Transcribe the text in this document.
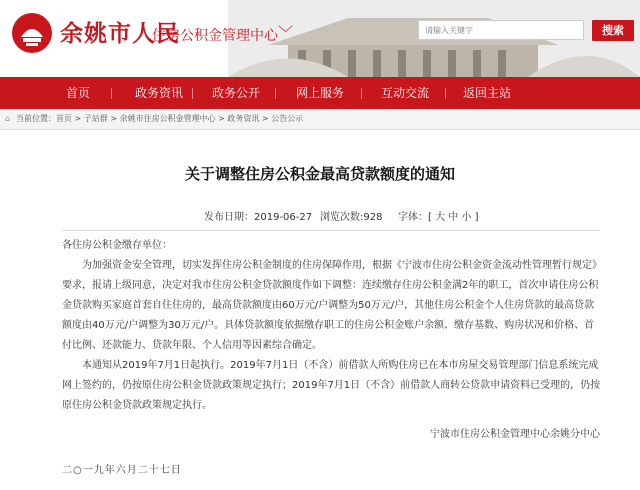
余姚市人民
住房公积金管理中心 ﹀	请输入关键字	搜索
首页	政务资讯 政务公开	网上服务	互动交流	返回主站
⌂ 当前位置：首页 > 子站群 > 余姚市住房公积金管理中心 > 政务资讯 > 公告公示
关于调整住房公积金最高贷款额度的通知
发布日期：2019-06-27 浏览次数:928 字体：[ 大 中 小 ]

各住房公积金缴存单位：

为加强资金安全管理，切实发挥住房公积金制度的住房保障作用，根据《宁波市住房公积金资金流动性管理暂行规定》要求，报请上级同意，决定对我市住房公积金贷款额度作如下调整：连续缴存住房公积金满2年的职工，首次申请住房公积金贷款购买家庭首套自住住房的，最高贷款额度由60万元/户调整为50万元/户，其他住房公积金个人住房贷款的最高贷款额度由40万元/户调整为30万元/户。具体贷款额度依据缴存职工的住房公积金账户余额、缴存基数、购房状况和价格、首付比例、还款能力、贷款年限、个人信用等因素综合确定。

本通知从2019年7月1日起执行。2019年7月1日（不含）前借款人所购住房已在本市房屋交易管理部门信息系统完成网上签约的，仍按原住房公积金贷款政策规定执行；2019年7月1日（不含）前借款人商转公贷款申请资料已受理的，仍按原住房公积金贷款政策规定执行。

宁波市住房公积金管理中心余姚分中心
二○一九年六月二十七日
